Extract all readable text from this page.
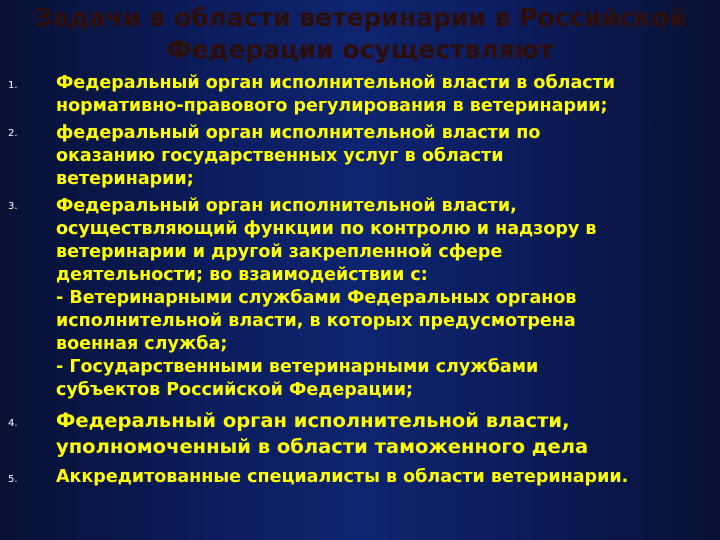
Задачи в области ветеринарии в Российской
Федерации осуществляют
1. Федеральный орган исполнительной власти в области
нормативно-правового регулирования в ветеринарии;
2. федеральный орган исполнительной власти по
оказанию государственных услуг в области
ветеринарии;
3. Федеральный орган исполнительной власти,
осуществляющий функции по контролю и надзору в
ветеринарии и другой закрепленной сфере
деятельности; во взаимодействии с:
- Ветеринарными службами Федеральных органов
исполнительной власти, в которых предусмотрена
военная служба;
- Государственными ветеринарными службами
субъектов Российской Федерации;
4. Федеральный орган исполнительной власти,
уполномоченный в области таможенного дела
5. Аккредитованные специалисты в области ветеринарии.
